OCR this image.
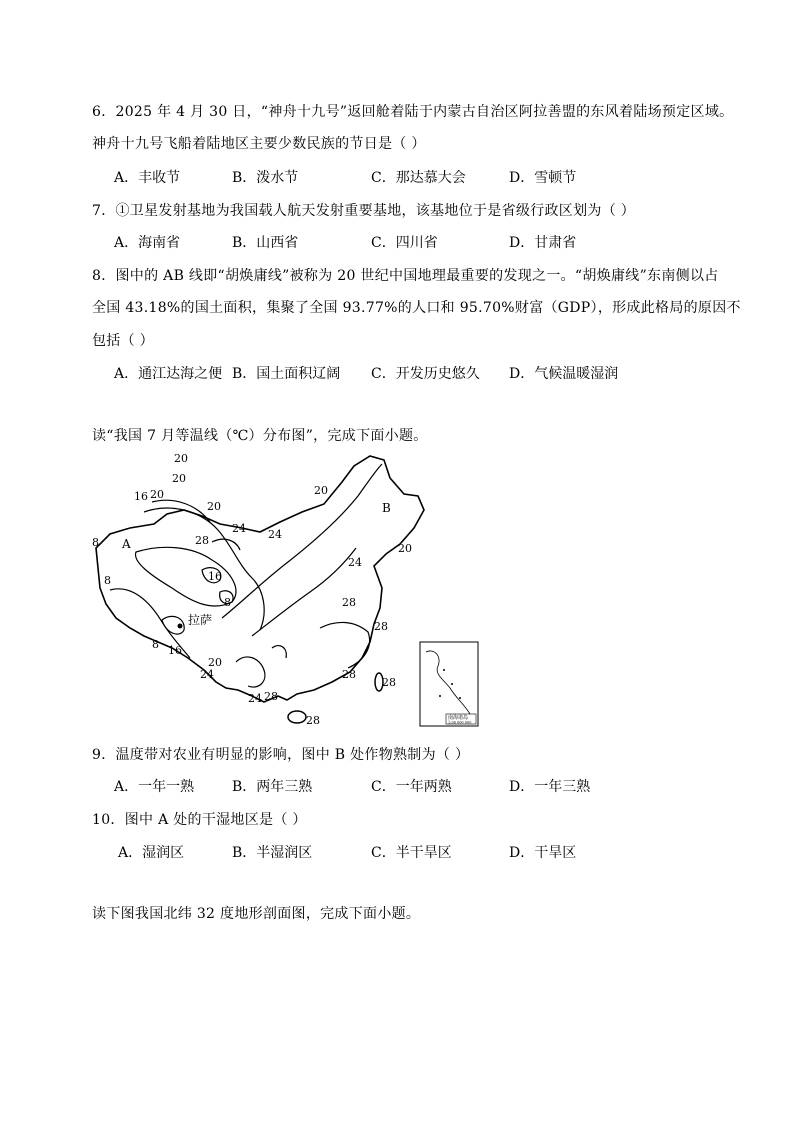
6．2025 年 4 月 30 日，“神舟十九号”返回舱着陆于内蒙古自治区阿拉善盟的东风着陆场预定区域。
神舟十九号飞船着陆地区主要少数民族的节日是（ ）
A．丰收节	B．泼水节	C．那达慕大会	D．雪顿节
7．①卫星发射基地为我国载人航天发射重要基地，该基地位于是省级行政区划为（ ）
A．海南省	B．山西省	C．四川省	D．甘肃省
8．图中的 AB 线即“胡焕庸线”被称为 20 世纪中国地理最重要的发现之一。“胡焕庸线”东南侧以占
全国 43.18%的国土面积，集聚了全国 93.77%的人口和 95.70%财富（GDP），形成此格局的原因不
包括（ ）
A．通江达海之便 B．国土面积辽阔 C．开发历史悠久 D．气候温暖湿润
读“我国 7 月等温线（℃）分布图”，完成下面小题。
A
B
拉萨
20
20
16 20
20
8	28
24 24
20
8	16
8
24
20
8
28
16
20
24	28
28
24 28
28
28
南海诸岛
1:96 000 000
9．温度带对农业有明显的影响，图中 B 处作物熟制为（ ）
A．一年一熟	B．两年三熟	C．一年两熟	D．一年三熟
10．图中 A 处的干湿地区是（ ）
A．湿润区	B．半湿润区	C．半干旱区	D．干旱区
读下图我国北纬 32 度地形剖面图，完成下面小题。
